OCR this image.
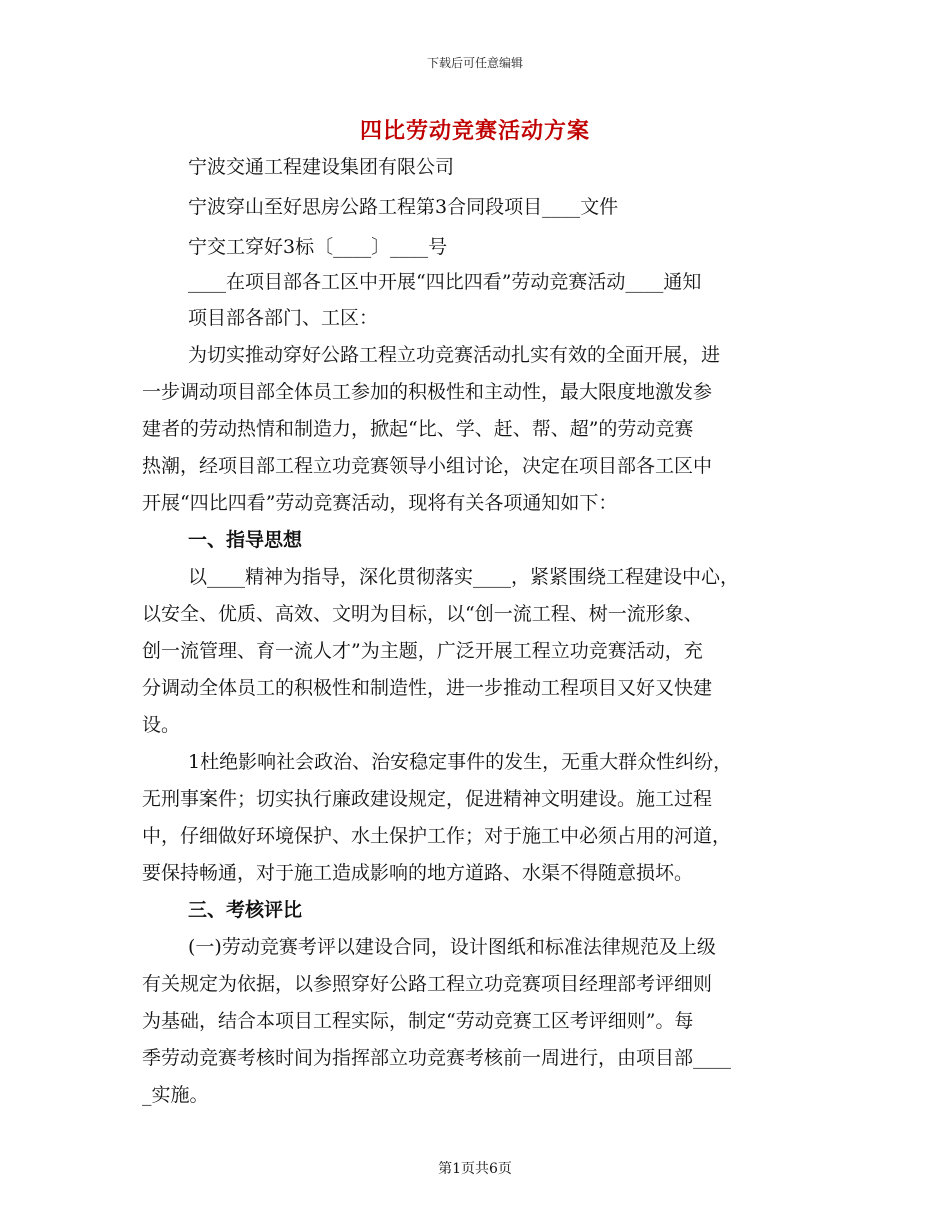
下载后可任意编辑
四比劳动竞赛活动方案
宁波交通工程建设集团有限公司
宁波穿山至好思房公路工程第3合同段项目____文件
宁交工穿好3标〔____〕____号
____在项目部各工区中开展“四比四看”劳动竞赛活动____通知
项目部各部门、工区：
为切实推动穿好公路工程立功竞赛活动扎实有效的全面开展，进
一步调动项目部全体员工参加的积极性和主动性，最大限度地激发参
建者的劳动热情和制造力，掀起“比、学、赶、帮、超”的劳动竞赛
热潮，经项目部工程立功竞赛领导小组讨论，决定在项目部各工区中
开展“四比四看”劳动竞赛活动，现将有关各项通知如下：
一、指导思想
以____精神为指导，深化贯彻落实____，紧紧围绕工程建设中心，
以安全、优质、高效、文明为目标，以“创一流工程、树一流形象、
创一流管理、育一流人才”为主题，广泛开展工程立功竞赛活动，充
分调动全体员工的积极性和制造性，进一步推动工程项目又好又快建
设。
1杜绝影响社会政治、治安稳定事件的发生，无重大群众性纠纷，
无刑事案件；切实执行廉政建设规定，促进精神文明建设。施工过程
中，仔细做好环境保护、水土保护工作；对于施工中必须占用的河道，
要保持畅通，对于施工造成影响的地方道路、水渠不得随意损坏。
三、考核评比
(一)劳动竞赛考评以建设合同，设计图纸和标准法律规范及上级
有关规定为依据，以参照穿好公路工程立功竞赛项目经理部考评细则
为基础，结合本项目工程实际，制定“劳动竞赛工区考评细则”。每
季劳动竞赛考核时间为指挥部立功竞赛考核前一周进行，由项目部____
_实施。
第1页共6页
